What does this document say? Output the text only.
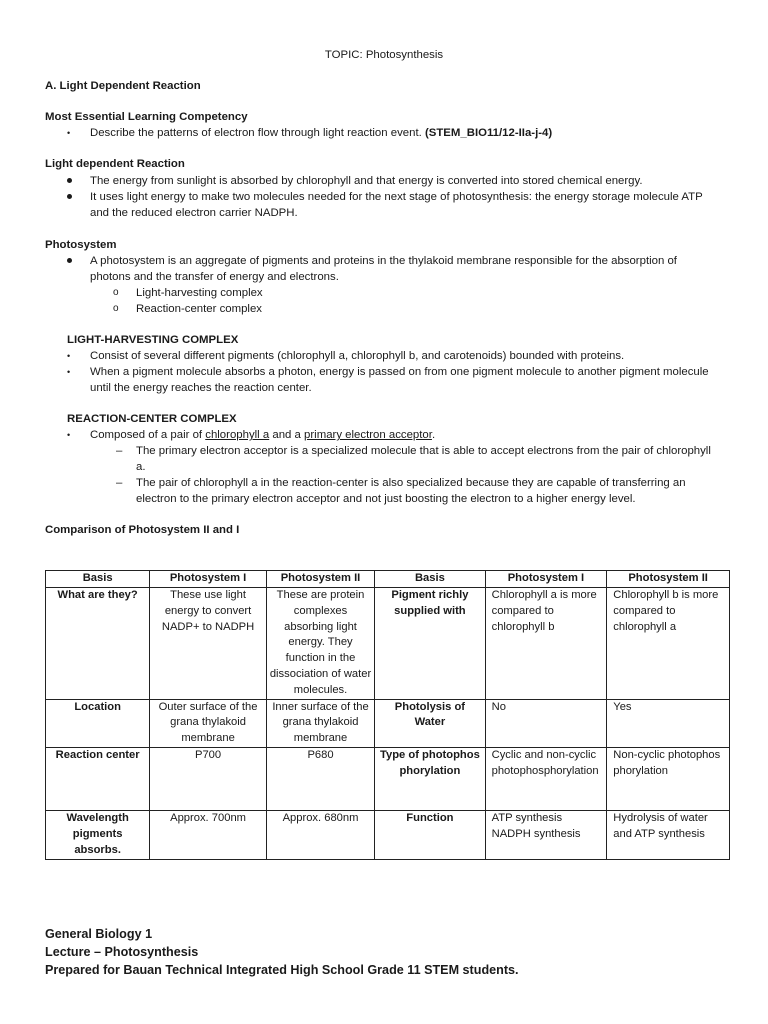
TOPIC: Photosynthesis
A. Light Dependent Reaction
Most Essential Learning Competency
• Describe the patterns of electron flow through light reaction event. (STEM_BIO11/12-IIa-j-4)
Light dependent Reaction
The energy from sunlight is absorbed by chlorophyll and that energy is converted into stored chemical energy.
It uses light energy to make two molecules needed for the next stage of photosynthesis: the energy storage molecule ATP
and the reduced electron carrier NADPH.
Photosystem
A photosystem is an aggregate of pigments and proteins in the thylakoid membrane responsible for the absorption of
photons and the transfer of energy and electrons.
o Light-harvesting complex
o Reaction-center complex
LIGHT-HARVESTING COMPLEX
• Consist of several different pigments (chlorophyll a, chlorophyll b, and carotenoids) bounded with proteins.
• When a pigment molecule absorbs a photon, energy is passed on from one pigment molecule to another pigment molecule
until the energy reaches the reaction center.
REACTION-CENTER COMPLEX
• Composed of a pair of chlorophyll a and a primary electron acceptor.
– The primary electron acceptor is a specialized molecule that is able to accept electrons from the pair of chlorophyll
a.
– The pair of chlorophyll a in the reaction-center is also specialized because they are capable of transferring an
electron to the primary electron acceptor and not just boosting the electron to a higher energy level.
Comparison of Photosystem II and I
Basis	Photosystem I	Photosystem II	Basis	Photosystem I	Photosystem II
What are they?	These use light energy to convert NADP+ to NADPH	These are protein complexes absorbing light energy. They function in the dissociation of water molecules.	Pigment richly supplied with	Chlorophyll a is more compared to chlorophyll b	Chlorophyll b is more compared to chlorophyll a
Location	Outer surface of the grana thylakoid membrane	Inner surface of the grana thylakoid membrane	Photolysis of Water	No	Yes
Reaction center	P700	P680	Type of photophosphorylation	Cyclic and non-cyclic photophosphorylation	Non-cyclic photophosphorylation
Wavelength pigments absorbs.	Approx. 700nm	Approx. 680nm	Function	ATP synthesis NADPH synthesis	Hydrolysis of water and ATP synthesis
General Biology 1
Lecture – Photosynthesis
Prepared for Bauan Technical Integrated High School Grade 11 STEM students.
